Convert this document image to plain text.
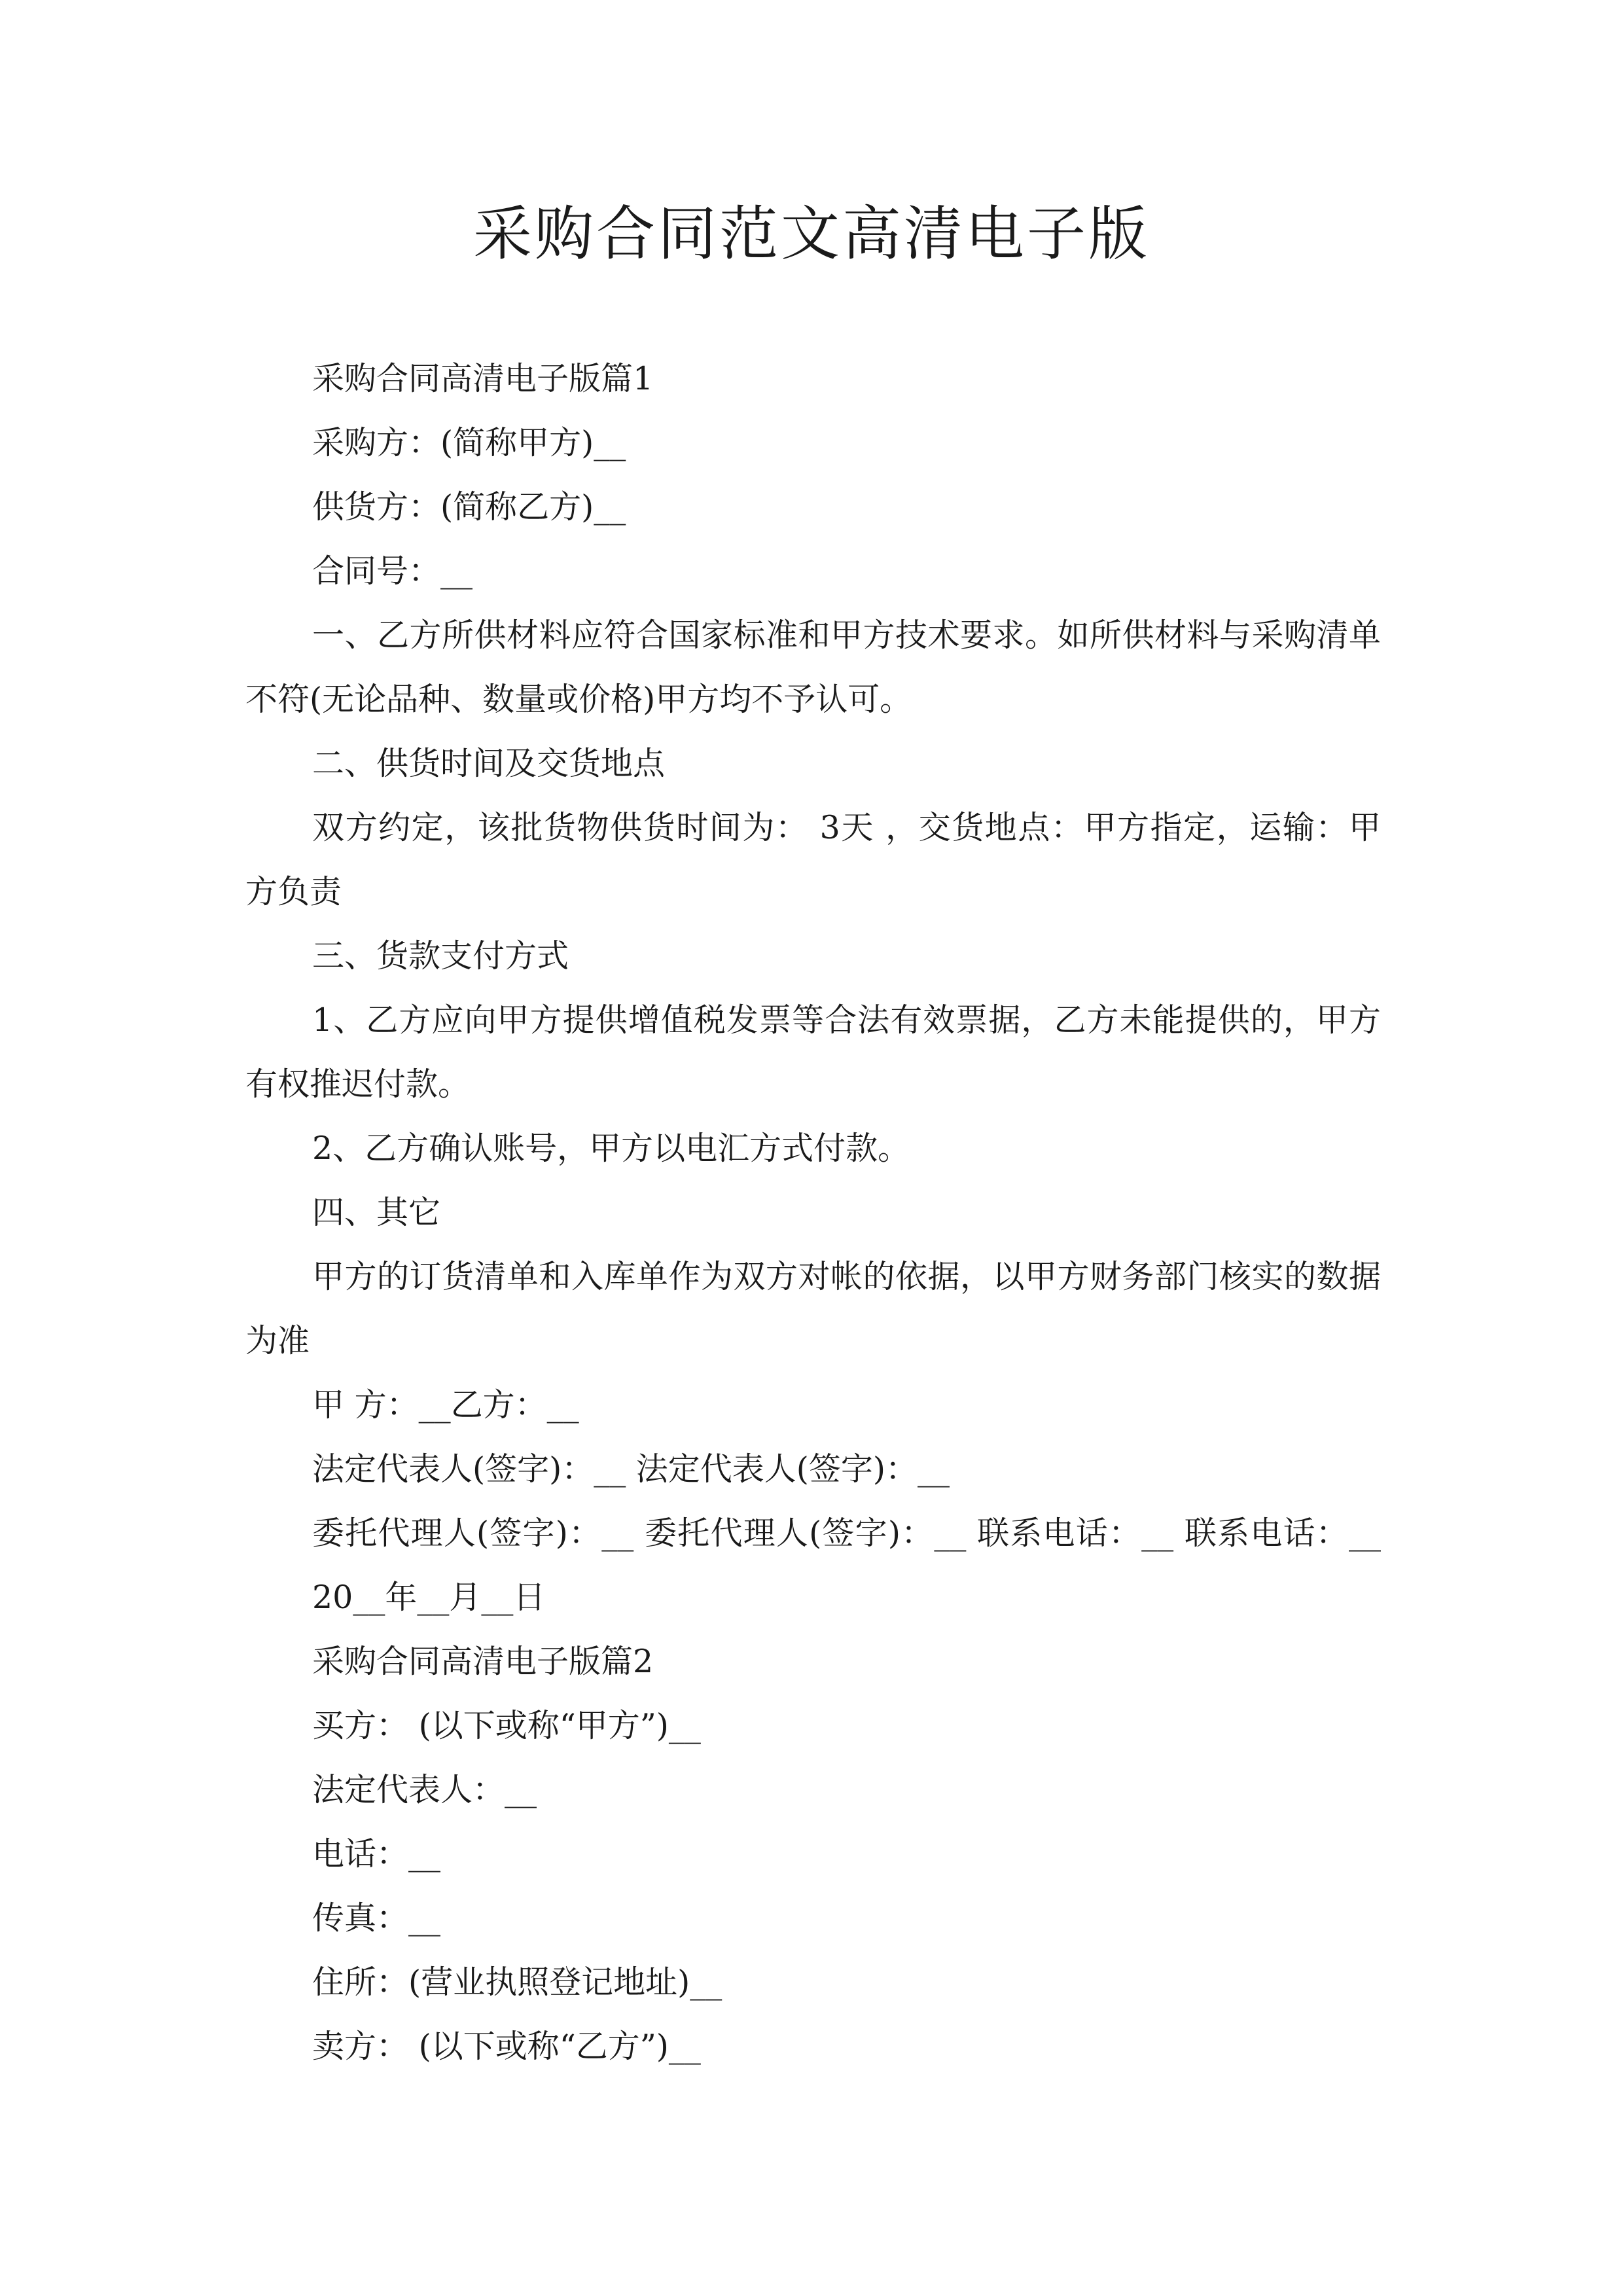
采购合同范文高清电子版
采购合同高清电子版篇1
采购方：(简称甲方)__
供货方：(简称乙方)__
合同号：__
一、乙方所供材料应符合国家标准和甲方技术要求。如所供材料与采购清单
不符(无论品种、数量或价格)甲方均不予认可。
二、供货时间及交货地点
双方约定，该批货物供货时间为： 3天 ，交货地点：甲方指定，运输：甲
方负责
三、货款支付方式
1、乙方应向甲方提供增值税发票等合法有效票据，乙方未能提供的，甲方
有权推迟付款。
2、乙方确认账号，甲方以电汇方式付款。
四、其它
甲方的订货清单和入库单作为双方对帐的依据，以甲方财务部门核实的数据
为准
甲 方：__乙方：__
法定代表人(签字)：__ 法定代表人(签字)：__
委托代理人(签字)：__ 委托代理人(签字)：__ 联系电话：__ 联系电话：__
20__年__月__日
采购合同高清电子版篇2
买方： (以下或称“甲方”)__
法定代表人：__
电话：__
传真：__
住所：(营业执照登记地址)__
卖方： (以下或称“乙方”)__
